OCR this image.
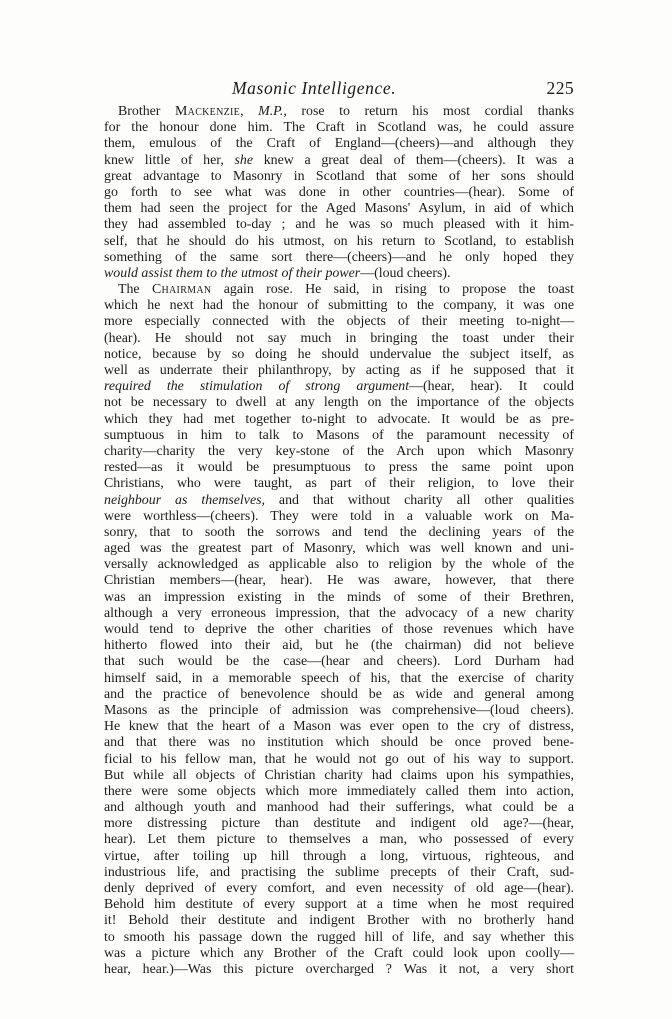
Masonic Intelligence.	225
Brother Mackenzie, M.P., rose to return his most cordial thanks
for the honour done him. The Craft in Scotland was, he could assure
them, emulous of the Craft of England—(cheers)—and although they
knew little of her, she knew a great deal of them—(cheers). It was a
great advantage to Masonry in Scotland that some of her sons should
go forth to see what was done in other countries—(hear). Some of
them had seen the project for the Aged Masons' Asylum, in aid of which
they had assembled to-day ; and he was so much pleased with it him-
self, that he should do his utmost, on his return to Scotland, to establish
something of the same sort there—(cheers)—and he only hoped they
would assist them to the utmost of their power—(loud cheers).
The Chairman again rose. He said, in rising to propose the toast
which he next had the honour of submitting to the company, it was one
more especially connected with the objects of their meeting to-night—
(hear). He should not say much in bringing the toast under their
notice, because by so doing he should undervalue the subject itself, as
well as underrate their philanthropy, by acting as if he supposed that it
required the stimulation of strong argument—(hear, hear). It could
not be necessary to dwell at any length on the importance of the objects
which they had met together to-night to advocate. It would be as pre-
sumptuous in him to talk to Masons of the paramount necessity of
charity—charity the very key-stone of the Arch upon which Masonry
rested—as it would be presumptuous to press the same point upon
Christians, who were taught, as part of their religion, to love their
neighbour as themselves, and that without charity all other qualities
were worthless—(cheers). They were told in a valuable work on Ma-
sonry, that to sooth the sorrows and tend the declining years of the
aged was the greatest part of Masonry, which was well known and uni-
versally acknowledged as applicable also to religion by the whole of the
Christian members—(hear, hear). He was aware, however, that there
was an impression existing in the minds of some of their Brethren,
although a very erroneous impression, that the advocacy of a new charity
would tend to deprive the other charities of those revenues which have
hitherto flowed into their aid, but he (the chairman) did not believe
that such would be the case—(hear and cheers). Lord Durham had
himself said, in a memorable speech of his, that the exercise of charity
and the practice of benevolence should be as wide and general among
Masons as the principle of admission was comprehensive—(loud cheers).
He knew that the heart of a Mason was ever open to the cry of distress,
and that there was no institution which should be once proved bene-
ficial to his fellow man, that he would not go out of his way to support.
But while all objects of Christian charity had claims upon his sympathies,
there were some objects which more immediately called them into action,
and although youth and manhood had their sufferings, what could be a
more distressing picture than destitute and indigent old age?—(hear,
hear). Let them picture to themselves a man, who possessed of every
virtue, after toiling up hill through a long, virtuous, righteous, and
industrious life, and practising the sublime precepts of their Craft, sud-
denly deprived of every comfort, and even necessity of old age—(hear).
Behold him destitute of every support at a time when he most required
it! Behold their destitute and indigent Brother with no brotherly hand
to smooth his passage down the rugged hill of life, and say whether this
was a picture which any Brother of the Craft could look upon coolly—
hear, hear.)—Was this picture overcharged ? Was it not, a very short
